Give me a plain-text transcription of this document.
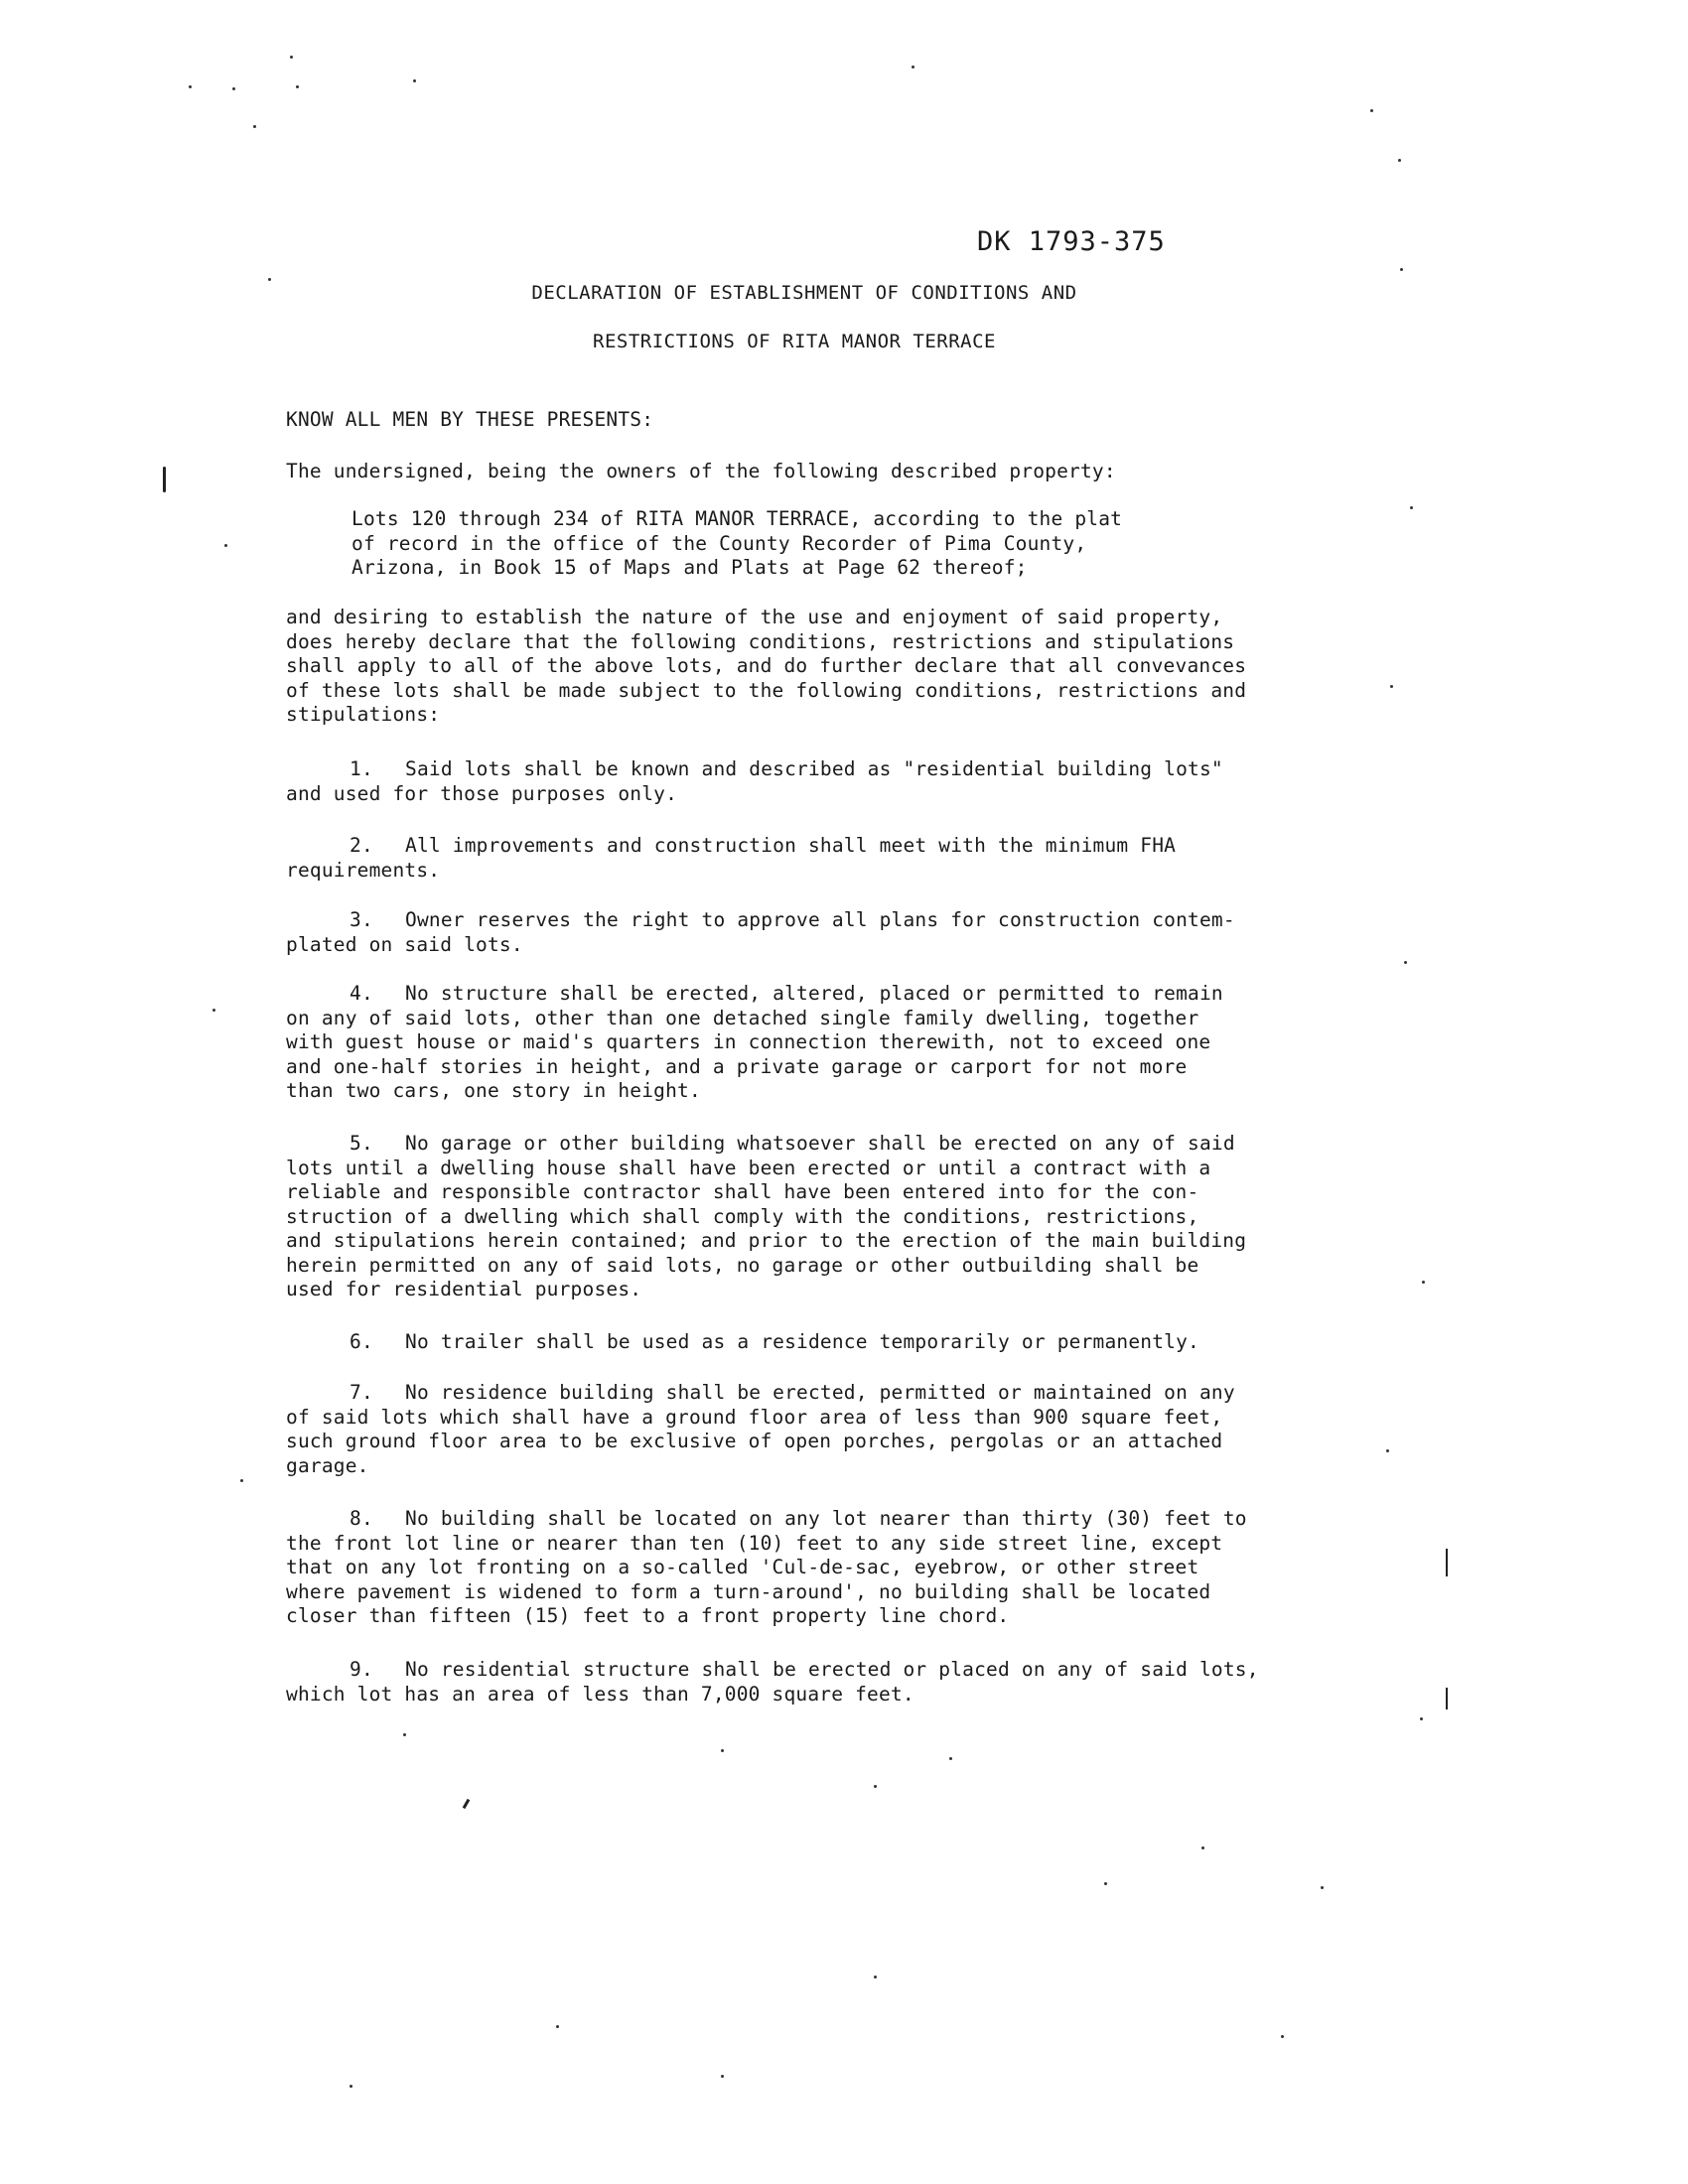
DK 1793-375
DECLARATION OF ESTABLISHMENT OF CONDITIONS AND
RESTRICTIONS OF RITA MANOR TERRACE
KNOW ALL MEN BY THESE PRESENTS:
The undersigned, being the owners of the following described property:

Lots 120 through 234 of RITA MANOR TERRACE, according to the plat

of record in the office of the County Recorder of Pima County,

Arizona, in Book 15 of Maps and Plats at Page 62 thereof;

and desiring to establish the nature of the use and enjoyment of said property,

does hereby declare that the following conditions, restrictions and stipulations

shall apply to all of the above lots, and do further declare that all convevances

of these lots shall be made subject to the following conditions, restrictions and

stipulations:

1. Said lots shall be known and described as "residential building lots"

and used for those purposes only.

2. All improvements and construction shall meet with the minimum FHA

requirements.

3. Owner reserves the right to approve all plans for construction contem-

plated on said lots.

4. No structure shall be erected, altered, placed or permitted to remain

on any of said lots, other than one detached single family dwelling, together

with guest house or maid's quarters in connection therewith, not to exceed one

and one-half stories in height, and a private garage or carport for not more

than two cars, one story in height.

5. No garage or other building whatsoever shall be erected on any of said

lots until a dwelling house shall have been erected or until a contract with a

reliable and responsible contractor shall have been entered into for the con-

struction of a dwelling which shall comply with the conditions, restrictions,

and stipulations herein contained; and prior to the erection of the main building

herein permitted on any of said lots, no garage or other outbuilding shall be

used for residential purposes.

6. No trailer shall be used as a residence temporarily or permanently.

7. No residence building shall be erected, permitted or maintained on any

of said lots which shall have a ground floor area of less than 900 square feet,

such ground floor area to be exclusive of open porches, pergolas or an attached

garage.

8. No building shall be located on any lot nearer than thirty (30) feet to

the front lot line or nearer than ten (10) feet to any side street line, except

that on any lot fronting on a so-called 'Cul-de-sac, eyebrow, or other street

where pavement is widened to form a turn-around', no building shall be located

closer than fifteen (15) feet to a front property line chord.

9. No residential structure shall be erected or placed on any of said lots,

which lot has an area of less than 7,000 square feet.
